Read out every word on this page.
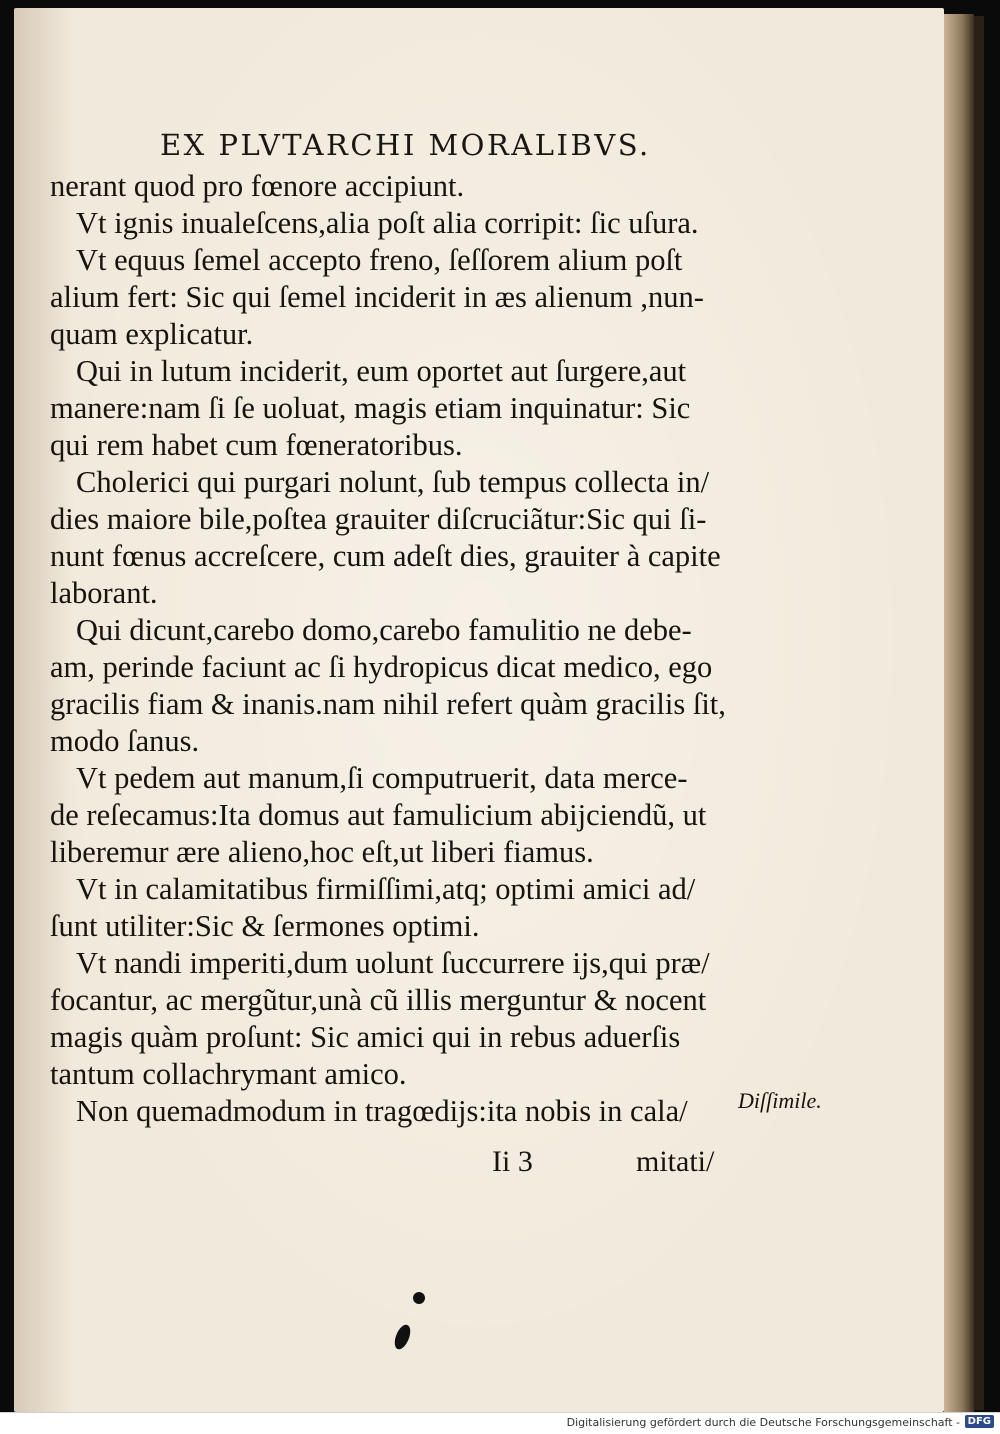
EX PLVTARCHI MORALIBVS.
nerant quod pro fœnore accipiunt.
Vt ignis inualeſcens,alia poſt alia corripit: ſic uſura.
Vt equus ſemel accepto freno, ſeſſorem alium poſt
alium fert: Sic qui ſemel inciderit in æs alienum ,nun-
quam explicatur.
Qui in lutum inciderit, eum oportet aut ſurgere,aut
manere:nam ſi ſe uoluat, magis etiam inquinatur: Sic
qui rem habet cum fœneratoribus.
Cholerici qui purgari nolunt, ſub tempus collecta in/
dies maiore bile,poſtea grauiter diſcruciãtur:Sic qui ſi-
nunt fœnus accreſcere, cum adeſt dies, grauiter à capite
laborant.
Qui dicunt,carebo domo,carebo famulitio ne debe-
am, perinde faciunt ac ſi hydropicus dicat medico, ego
gracilis fiam & inanis.nam nihil refert quàm gracilis ſit,
modo ſanus.
Vt pedem aut manum,ſi computruerit, data merce-
de reſecamus:Ita domus aut famulicium abijciendũ, ut
liberemur ære alieno,hoc eſt,ut liberi fiamus.
Vt in calamitatibus firmiſſimi,atq; optimi amici ad/
ſunt utiliter:Sic & ſermones optimi.
Vt nandi imperiti,dum uolunt ſuccurrere ijs,qui præ/
focantur, ac mergũtur,unà cũ illis merguntur & nocent
magis quàm proſunt: Sic amici qui in rebus aduerſis
tantum collachrymant amico.
Non quemadmodum in tragœdijs:ita nobis in cala/	Diſſimile.
Ii 3	mitati/
Digitalisierung gefördert durch die Deutsche Forschungsgemeinschaft - DFG
